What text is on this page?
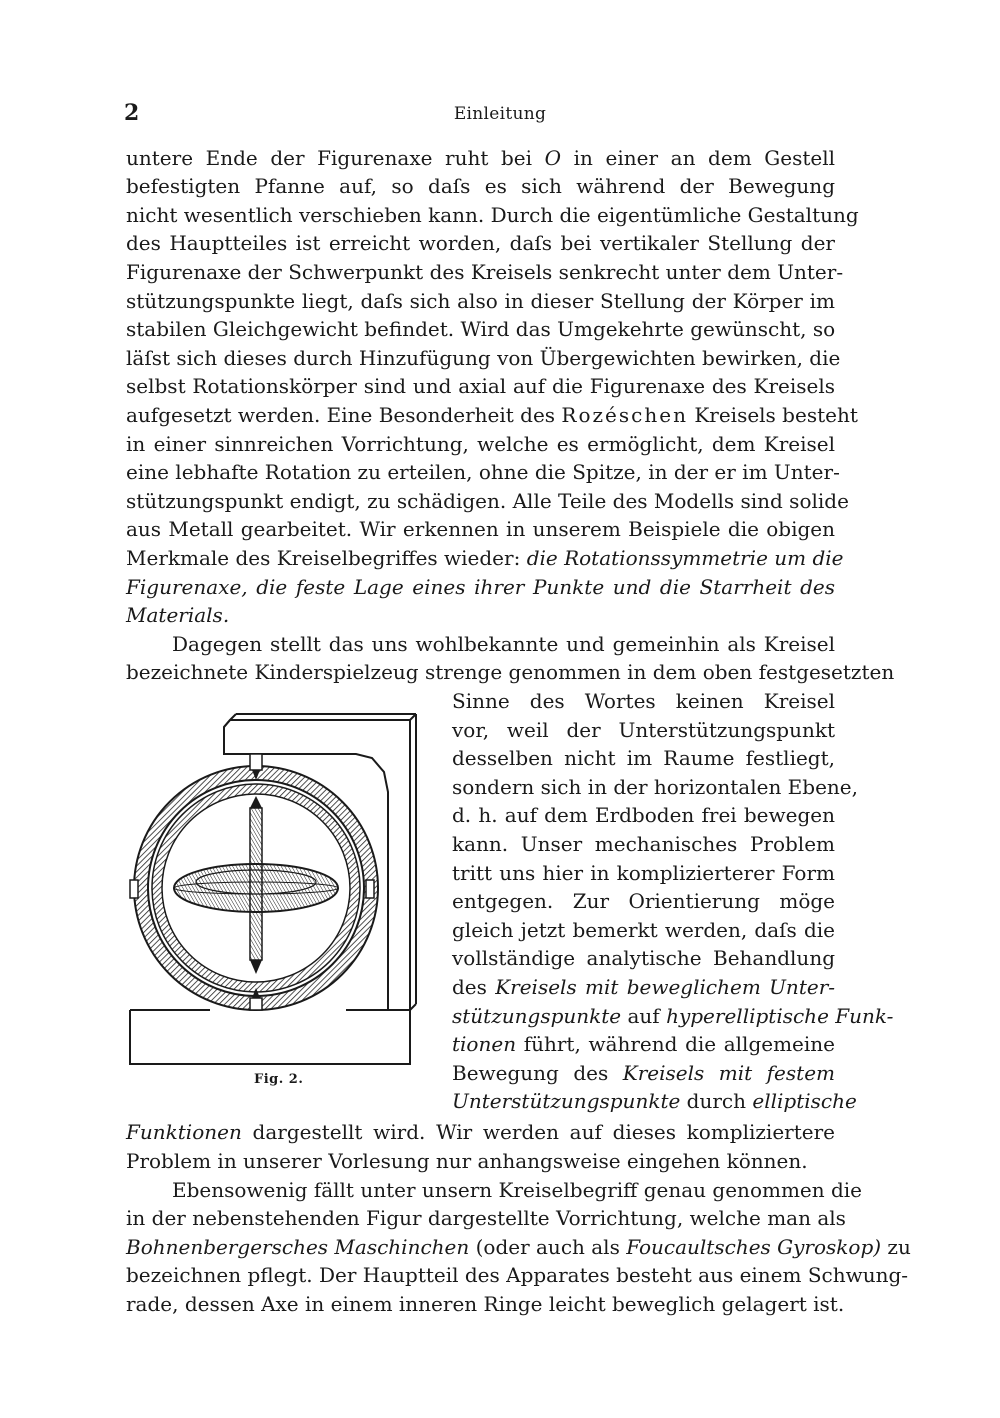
2	Einleitung
untere Ende der Figurenaxe ruht bei O in einer an dem Gestell
befestigten Pfanne auf, so daſs es sich während der Bewegung
nicht wesentlich verschieben kann. Durch die eigentümliche Gestaltung
des Hauptteiles ist erreicht worden, daſs bei vertikaler Stellung der
Figurenaxe der Schwerpunkt des Kreisels senkrecht unter dem Unter-
stützungspunkte liegt, daſs sich also in dieser Stellung der Körper im
stabilen Gleichgewicht befindet. Wird das Umgekehrte gewünscht, so
läſst sich dieses durch Hinzufügung von Übergewichten bewirken, die
selbst Rotationskörper sind und axial auf die Figurenaxe des Kreisels
aufgesetzt werden. Eine Besonderheit des Rozéschen Kreisels besteht
in einer sinnreichen Vorrichtung, welche es ermöglicht, dem Kreisel
eine lebhafte Rotation zu erteilen, ohne die Spitze, in der er im Unter-
stützungspunkt endigt, zu schädigen. Alle Teile des Modells sind solide
aus Metall gearbeitet. Wir erkennen in unserem Beispiele die obigen
Merkmale des Kreiselbegriffes wieder: die Rotationssymmetrie um die
Figurenaxe, die feste Lage eines ihrer Punkte und die Starrheit des
Materials.
Dagegen stellt das uns wohlbekannte und gemeinhin als Kreisel
bezeichnete Kinderspielzeug strenge genommen in dem oben festgesetzten
Sinne des Wortes keinen Kreisel
vor, weil der Unterstützungspunkt
desselben nicht im Raume festliegt,
sondern sich in der horizontalen Ebene,
d. h. auf dem Erdboden frei bewegen
kann. Unser mechanisches Problem
tritt uns hier in komplizierterer Form
entgegen. Zur Orientierung möge
gleich jetzt bemerkt werden, daſs die
vollständige analytische Behandlung
des Kreisels mit beweglichem Unter-
stützungspunkte auf hyperelliptische Funk-
tionen führt, während die allgemeine
Bewegung des Kreisels mit festem
Unterstützungspunkte durch elliptische
Funktionen dargestellt wird. Wir werden auf dieses kompliziertere
Problem in unserer Vorlesung nur anhangsweise eingehen können.
Ebensowenig fällt unter unsern Kreiselbegriff genau genommen die
in der nebenstehenden Figur dargestellte Vorrichtung, welche man als
Bohnenbergersches Maschinchen (oder auch als Foucaultsches Gyroskop) zu
bezeichnen pflegt. Der Hauptteil des Apparates besteht aus einem Schwung-
rade, dessen Axe in einem inneren Ringe leicht beweglich gelagert ist.
Fig. 2.
